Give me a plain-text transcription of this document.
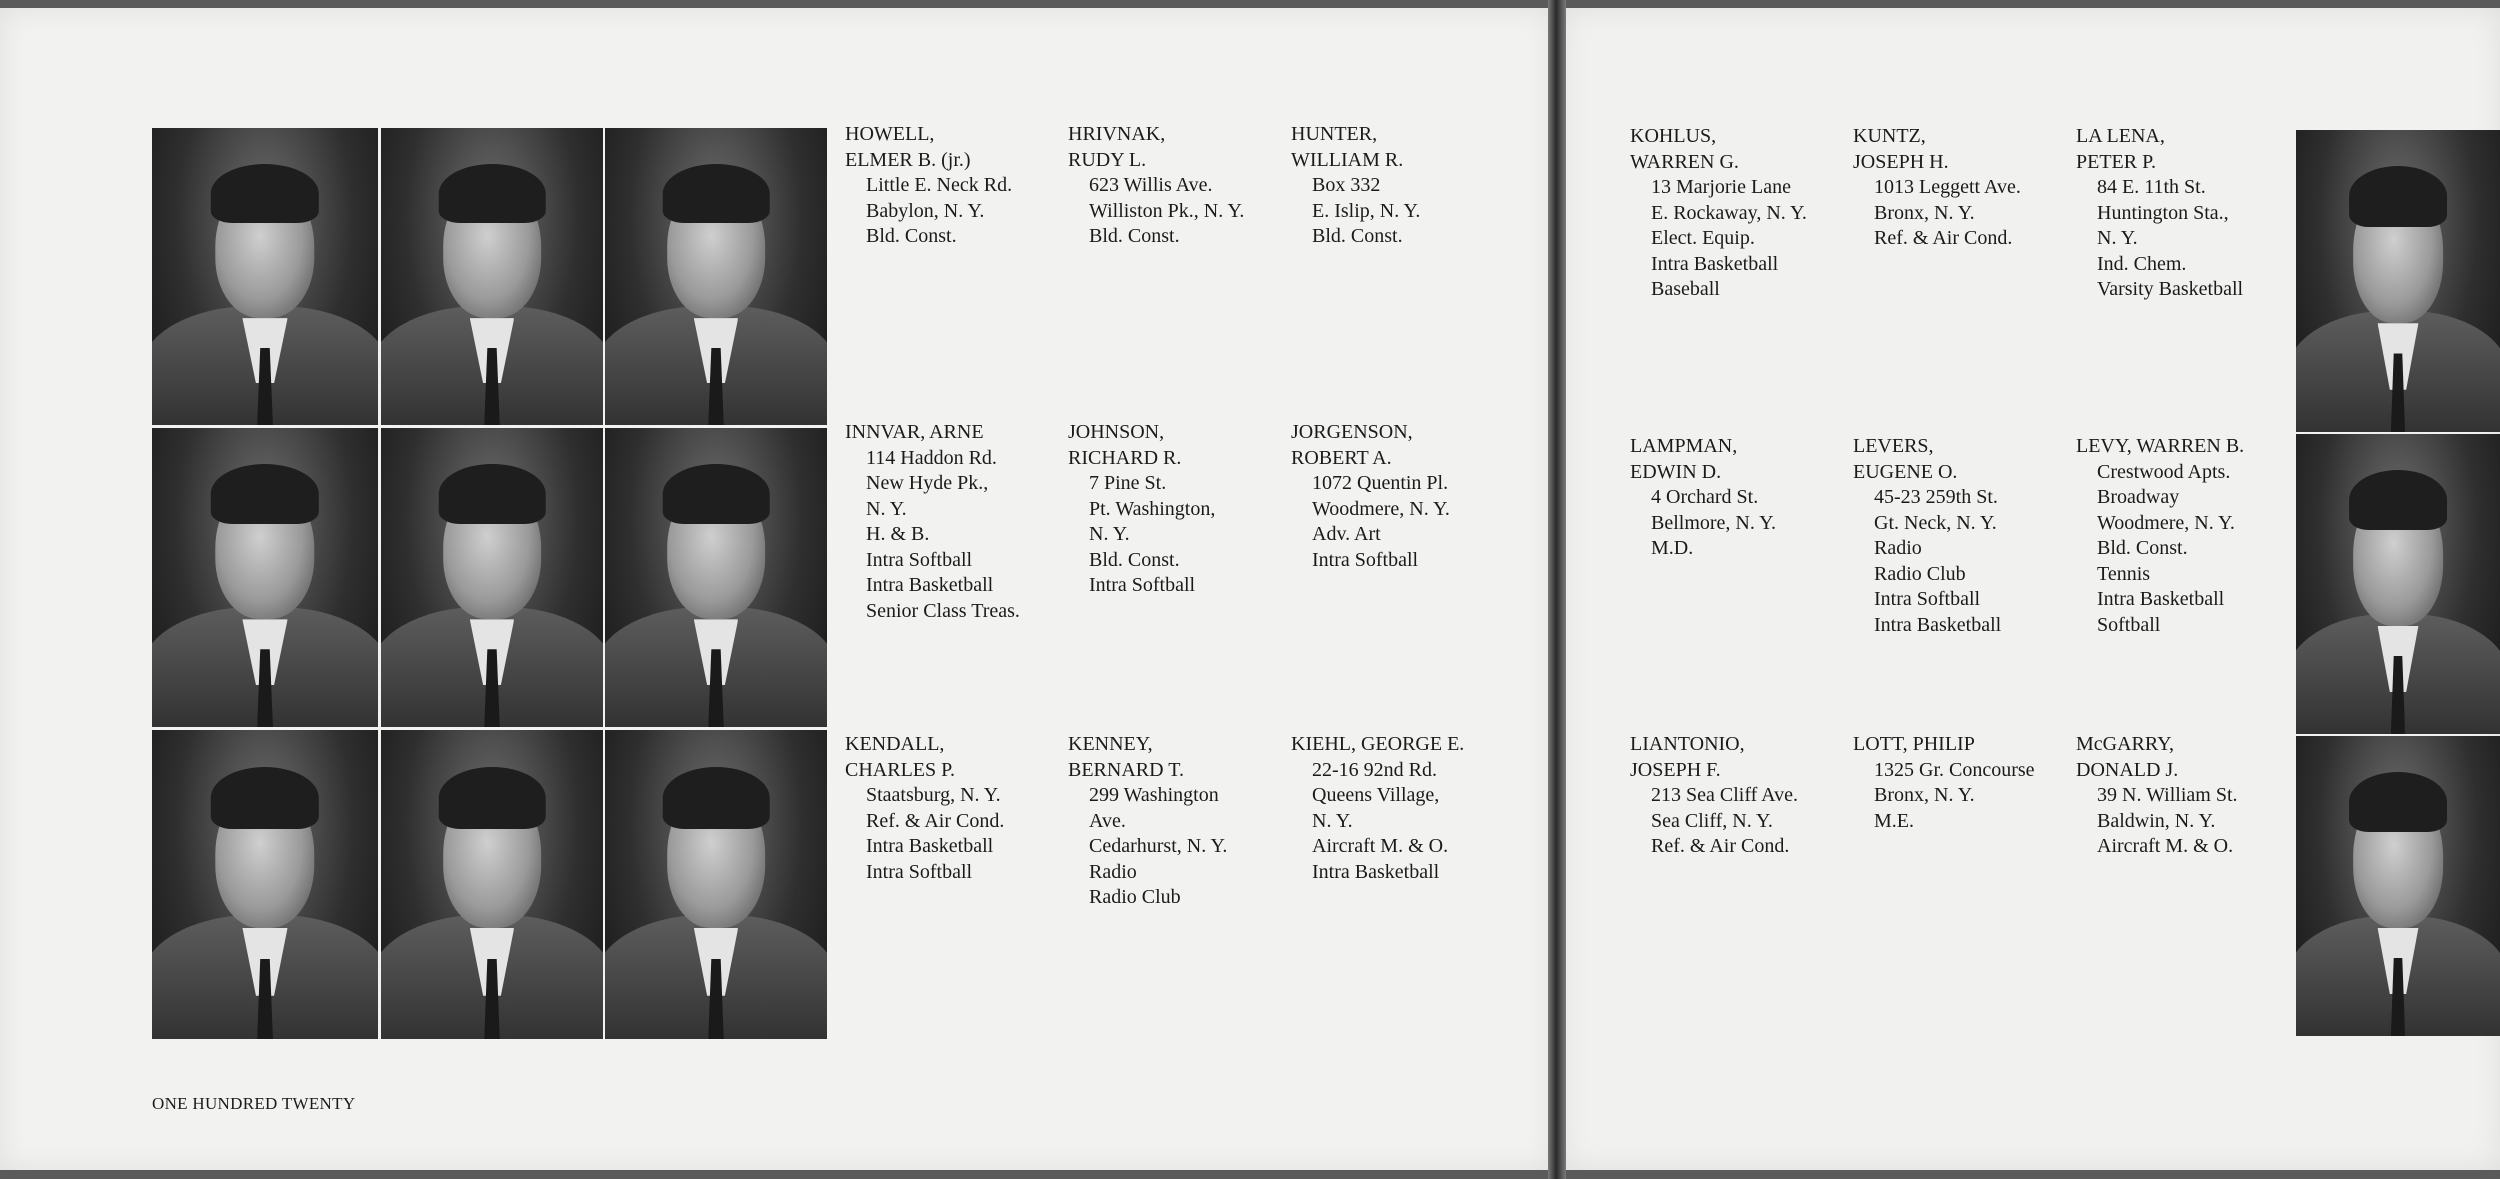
ONE HUNDRED TWENTY
HOWELL,
ELMER B. (jr.)
Little E. Neck Rd.
Babylon, N. Y.
Bld. Const.
HRIVNAK,
RUDY L.
623 Willis Ave.
Williston Pk., N. Y.
Bld. Const.
HUNTER,
WILLIAM R.
Box 332
E. Islip, N. Y.
Bld. Const.
INNVAR, ARNE
114 Haddon Rd.
New Hyde Pk.,
N. Y.
H. & B.
Intra Softball
Intra Basketball
Senior Class Treas.
JOHNSON,
RICHARD R.
7 Pine St.
Pt. Washington,
N. Y.
Bld. Const.
Intra Softball
JORGENSON,
ROBERT A.
1072 Quentin Pl.
Woodmere, N. Y.
Adv. Art
Intra Softball
KENDALL,
CHARLES P.
Staatsburg, N. Y.
Ref. & Air Cond.
Intra Basketball
Intra Softball
KENNEY,
BERNARD T.
299 Washington
Ave.
Cedarhurst, N. Y.
Radio
Radio Club
KIEHL, GEORGE E.
22-16 92nd Rd.
Queens Village,
N. Y.
Aircraft M. & O.
Intra Basketball
KOHLUS,
WARREN G.
13 Marjorie Lane
E. Rockaway, N. Y.
Elect. Equip.
Intra Basketball
Baseball
KUNTZ,
JOSEPH H.
1013 Leggett Ave.
Bronx, N. Y.
Ref. & Air Cond.
LA LENA,
PETER P.
84 E. 11th St.
Huntington Sta.,
N. Y.
Ind. Chem.
Varsity Basketball
LAMPMAN,
EDWIN D.
4 Orchard St.
Bellmore, N. Y.
M.D.
LEVERS,
EUGENE O.
45-23 259th St.
Gt. Neck, N. Y.
Radio
Radio Club
Intra Softball
Intra Basketball
LEVY, WARREN B.
Crestwood Apts.
Broadway
Woodmere, N. Y.
Bld. Const.
Tennis
Intra Basketball
Softball
LIANTONIO,
JOSEPH F.
213 Sea Cliff Ave.
Sea Cliff, N. Y.
Ref. & Air Cond.
LOTT, PHILIP
1325 Gr. Concourse
Bronx, N. Y.
M.E.
McGARRY,
DONALD J.
39 N. William St.
Baldwin, N. Y.
Aircraft M. & O.
